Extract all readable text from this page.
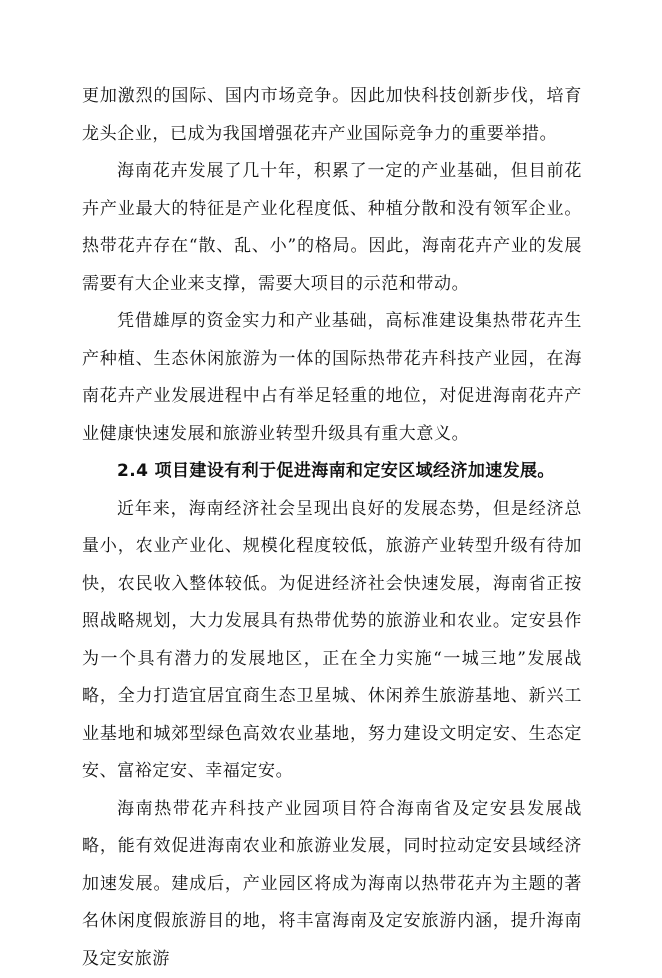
更加激烈的国际、国内市场竞争。因此加快科技创新步伐，培育龙头企业，已成为我国增强花卉产业国际竞争力的重要举措。

海南花卉发展了几十年，积累了一定的产业基础，但目前花卉产业最大的特征是产业化程度低、种植分散和没有领军企业。热带花卉存在“散、乱、小”的格局。因此，海南花卉产业的发展需要有大企业来支撑，需要大项目的示范和带动。

凭借雄厚的资金实力和产业基础，高标准建设集热带花卉生产种植、生态休闲旅游为一体的国际热带花卉科技产业园，在海南花卉产业发展进程中占有举足轻重的地位，对促进海南花卉产业健康快速发展和旅游业转型升级具有重大意义。

2.4 项目建设有利于促进海南和定安区域经济加速发展。

近年来，海南经济社会呈现出良好的发展态势，但是经济总量小，农业产业化、规模化程度较低，旅游产业转型升级有待加快，农民收入整体较低。为促进经济社会快速发展，海南省正按照战略规划，大力发展具有热带优势的旅游业和农业。定安县作为一个具有潜力的发展地区，正在全力实施“一城三地”发展战略，全力打造宜居宜商生态卫星城、休闲养生旅游基地、新兴工业基地和城郊型绿色高效农业基地，努力建设文明定安、生态定安、富裕定安、幸福定安。

海南热带花卉科技产业园项目符合海南省及定安县发展战略，能有效促进海南农业和旅游业发展，同时拉动定安县域经济加速发展。建成后，产业园区将成为海南以热带花卉为主题的著名休闲度假旅游目的地，将丰富海南及定安旅游内涵，提升海南及定安旅游
